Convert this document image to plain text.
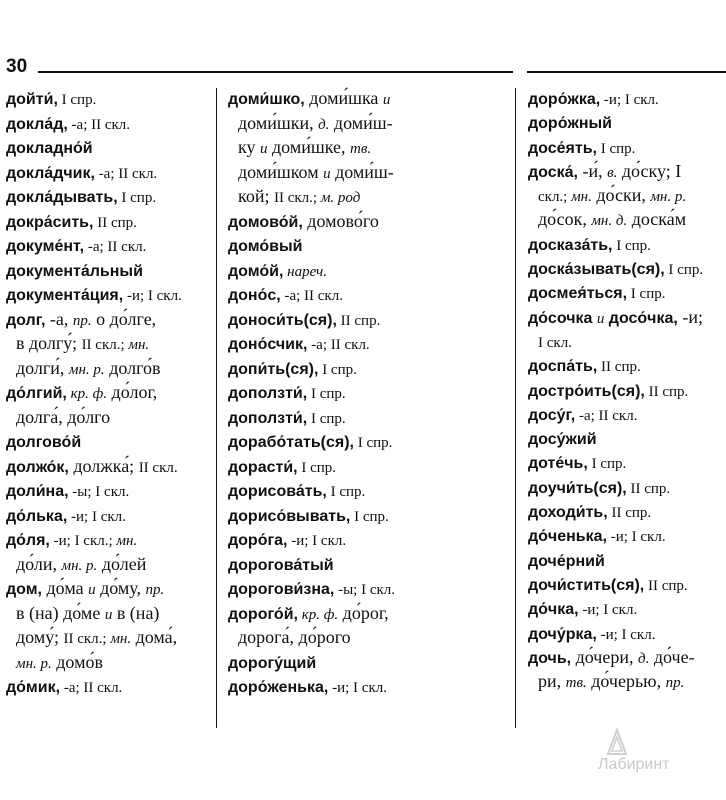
30
дойти́, I спр.
докла́д, -а; II скл.
докладно́й
докла́дчик, -а; II скл.
докла́дывать, I спр.
докра́сить, II спр.
докуме́нт, -а; II скл.
документа́льный
документа́ция, -и; I скл.
долг, -а, пр. о до́лге,
в долгу́; II скл.; мн.
долги́, мн. р. долго́в
до́лгий, кр. ф. до́лог,
долга́, до́лго
долгово́й
должо́к, должка́; II скл.
доли́на, -ы; I скл.
до́лька, -и; I скл.
до́ля, -и; I скл.; мн.
до́ли, мн. р. до́лей
дом, до́ма и до́му, пр.
в (на) до́ме и в (на)
дому́; II скл.; мн. дома́,
мн. р. домо́в
до́мик, -а; II скл.
доми́шко, доми́шка и
доми́шки, д. доми́ш-
ку и доми́шке, тв.
доми́шком и доми́ш-
кой; II скл.; м. род
домово́й, домово́го
домо́вый
домо́й, нареч.
доно́с, -а; II скл.
доноси́ть(ся), II спр.
доно́счик, -а; II скл.
допи́ть(ся), I спр.
доползти́, I спр.
доползти́, I спр.
дорабо́тать(ся), I спр.
дорасти́, I спр.
дорисова́ть, I спр.
дорисо́вывать, I спр.
доро́га, -и; I скл.
дорогова́тый
дорогови́зна, -ы; I скл.
дорого́й, кр. ф. до́рог,
дорога́, до́рого
дорогу́щий
доро́женька, -и; I скл.
доро́жка, -и; I скл.
доро́жный
досе́ять, I спр.
доска́, -и́, в. до́ску; I
скл.; мн. до́ски, мн. р.
до́сок, мн. д. доска́м
досказа́ть, I спр.
доска́зывать(ся), I спр.
досмея́ться, I спр.
до́сочка и досо́чка, -и;
I скл.
доспа́ть, II спр.
достро́ить(ся), II спр.
досу́г, -а; II скл.
досу́жий
доте́чь, I спр.
доучи́ть(ся), II спр.
доходи́ть, II спр.
до́ченька, -и; I скл.
доче́рний
дочи́стить(ся), II спр.
до́чка, -и; I скл.
дочу́рка, -и; I скл.
дочь, до́чери, д. до́че-
ри, тв. до́черью, пр.
Лабиринт
